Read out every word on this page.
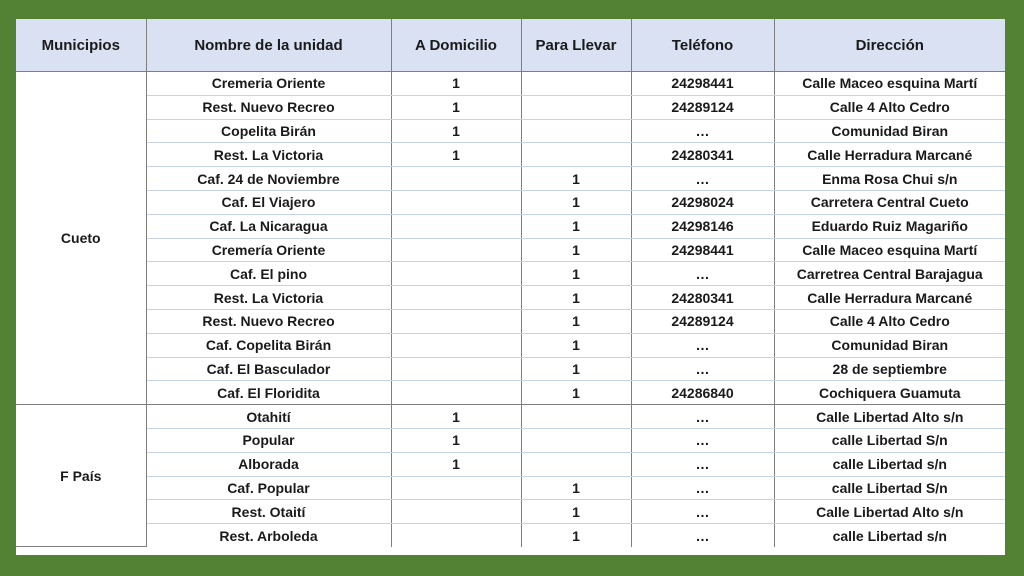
Municipios	Nombre de la unidad	A Domicilio	Para Llevar	Teléfono	Dirección
Cueto	Cremeria Oriente	1		24298441	Calle Maceo esquina Martí
	Rest. Nuevo Recreo	1		24289124	Calle 4 Alto Cedro
	Copelita Birán	1		…	Comunidad Biran
	Rest. La Victoria	1		24280341	Calle Herradura Marcané
	Caf. 24 de Noviembre		1	…	Enma Rosa Chui s/n
	Caf. El Viajero		1	24298024	Carretera Central Cueto
	Caf. La Nicaragua		1	24298146	Eduardo Ruiz Magariño
	Cremería Oriente		1	24298441	Calle Maceo esquina Martí
	Caf. El pino		1	…	Carretrea Central Barajagua
	Rest. La Victoria		1	24280341	Calle Herradura Marcané
	Rest. Nuevo Recreo		1	24289124	Calle 4 Alto Cedro
	Caf. Copelita Birán		1	…	Comunidad Biran
	Caf. El Basculador		1	…	28 de septiembre
	Caf. El Floridita		1	24286840	Cochiquera Guamuta
F País	Otahití	1		…	Calle Libertad Alto s/n
	Popular	1		…	calle Libertad S/n
	Alborada	1		…	calle Libertad s/n
	Caf. Popular		1	…	calle Libertad S/n
	Rest. Otaití		1	…	Calle Libertad Alto s/n
	Rest. Arboleda		1	…	calle Libertad s/n
